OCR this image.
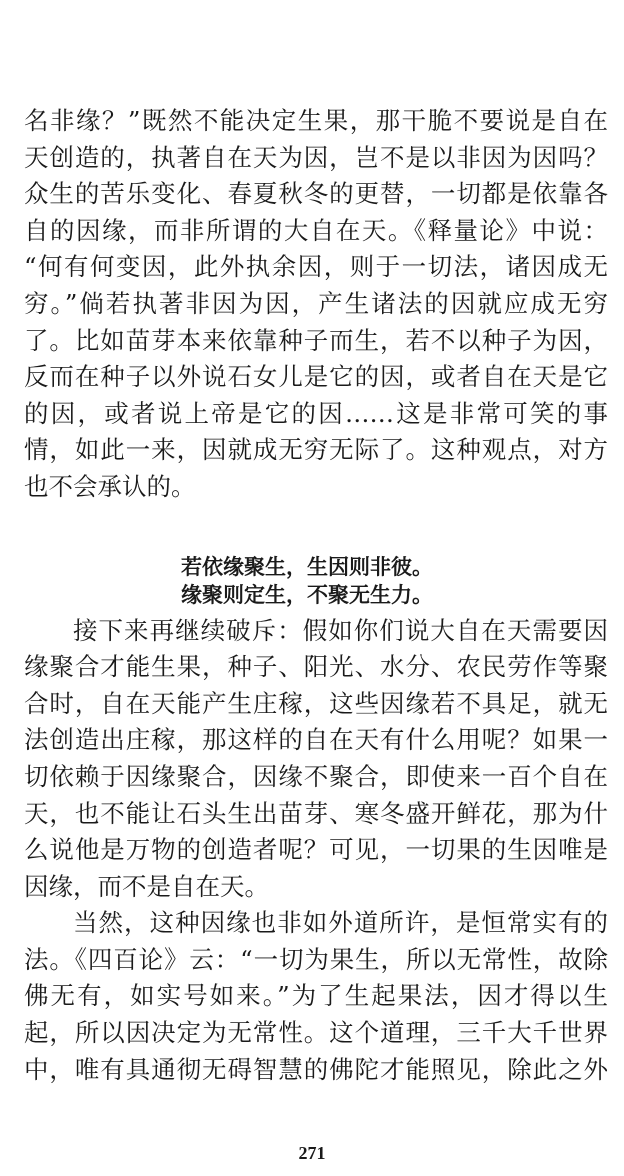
名非缘？”既然不能决定生果，那干脆不要说是自在
天创造的，执著自在天为因，岂不是以非因为因吗？
众生的苦乐变化、春夏秋冬的更替，一切都是依靠各
自的因缘，而非所谓的大自在天。《释量论》中说：
“何有何变因，此外执余因，则于一切法，诸因成无
穷。”倘若执著非因为因，产生诸法的因就应成无穷
了。比如苗芽本来依靠种子而生，若不以种子为因，
反而在种子以外说石女儿是它的因，或者自在天是它
的因，或者说上帝是它的因……这是非常可笑的事
情，如此一来，因就成无穷无际了。这种观点，对方
也不会承认的。
若依缘聚生，生因则非彼。
缘聚则定生，不聚无生力。
接下来再继续破斥：假如你们说大自在天需要因
缘聚合才能生果，种子、阳光、水分、农民劳作等聚
合时，自在天能产生庄稼，这些因缘若不具足，就无
法创造出庄稼，那这样的自在天有什么用呢？如果一
切依赖于因缘聚合，因缘不聚合，即使来一百个自在
天，也不能让石头生出苗芽、寒冬盛开鲜花，那为什
么说他是万物的创造者呢？可见，一切果的生因唯是
因缘，而不是自在天。
当然，这种因缘也非如外道所许，是恒常实有的
法。《四百论》云：“一切为果生，所以无常性，故除
佛无有，如实号如来。”为了生起果法，因才得以生
起，所以因决定为无常性。这个道理，三千大千世界
中，唯有具通彻无碍智慧的佛陀才能照见，除此之外
271
